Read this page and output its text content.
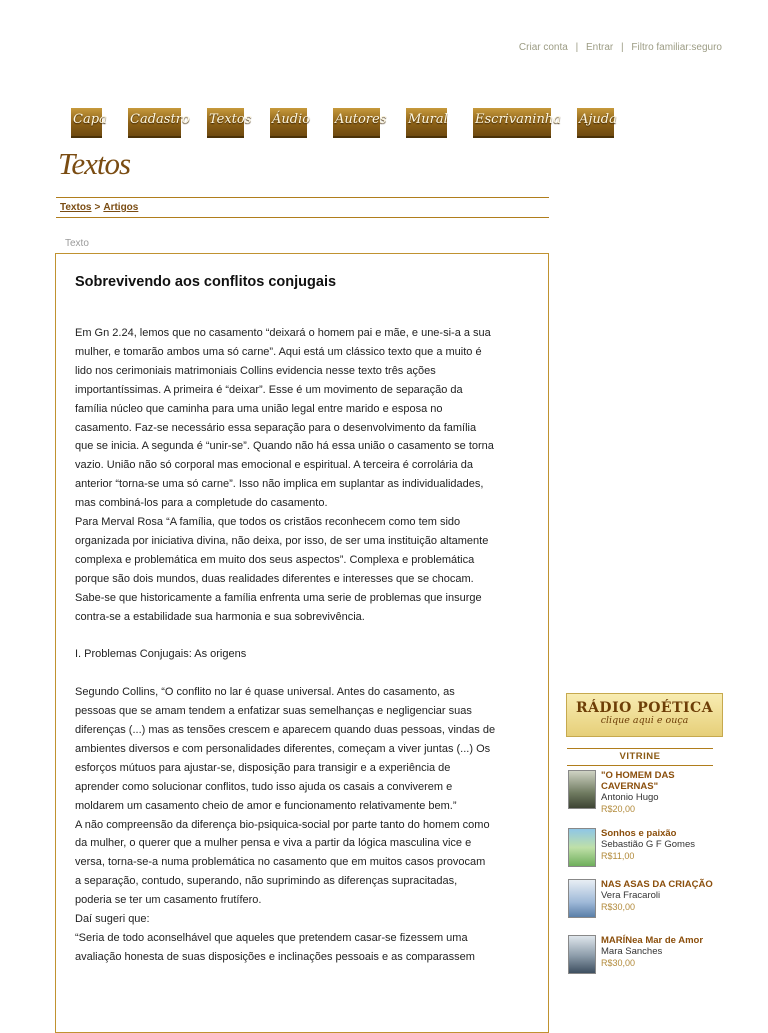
Criar conta | Entrar | Filtro familiar:seguro
Capa Cadastro Textos Áudio Autores Mural Escrivaninha Ajuda
Textos
Textos > Artigos
Texto
Sobrevivendo aos conflitos conjugais

Em Gn 2.24, lemos que no casamento “deixará o homem pai e mãe, e une-si-a a sua

mulher, e tomarão ambos uma só carne”. Aqui está um clássico texto que a muito é

lido nos cerimoniais matrimoniais Collins evidencia nesse texto três ações

importantíssimas. A primeira é “deixar”. Esse é um movimento de separação da

família núcleo que caminha para uma união legal entre marido e esposa no

casamento. Faz-se necessário essa separação para o desenvolvimento da família

que se inicia. A segunda é “unir-se”. Quando não há essa união o casamento se torna

vazio. União não só corporal mas emocional e espiritual. A terceira é corrolária da

anterior “torna-se uma só carne”. Isso não implica em suplantar as individualidades,

mas combiná-los para a completude do casamento.

Para Merval Rosa “A família, que todos os cristãos reconhecem como tem sido

organizada por iniciativa divina, não deixa, por isso, de ser uma instituição altamente

complexa e problemática em muito dos seus aspectos”. Complexa e problemática

porque são dois mundos, duas realidades diferentes e interesses que se chocam.

Sabe-se que historicamente a família enfrenta uma serie de problemas que insurge

contra-se a estabilidade sua harmonia e sua sobrevivência.

I. Problemas Conjugais: As origens

Segundo Collins, “O conflito no lar é quase universal. Antes do casamento, as

pessoas que se amam tendem a enfatizar suas semelhanças e negligenciar suas

diferenças (...) mas as tensões crescem e aparecem quando duas pessoas, vindas de

ambientes diversos e com personalidades diferentes, começam a viver juntas (...) Os

esforços mútuos para ajustar-se, disposição para transigir e a experiência de

aprender como solucionar conflitos, tudo isso ajuda os casais a conviverem e

moldarem um casamento cheio de amor e funcionamento relativamente bem.”

A não compreensão da diferença bio-psiquica-social por parte tanto do homem como

da mulher, o querer que a mulher pensa e viva a partir da lógica masculina vice e

versa, torna-se-a numa problemática no casamento que em muitos casos provocam

a separação, contudo, superando, não suprimindo as diferenças supracitadas,

poderia se ter um casamento frutífero.

Daí sugeri que:

“Seria de todo aconselhável que aqueles que pretendem casar-se fizessem uma

avaliação honesta de suas disposições e inclinações pessoais e as comparassem

RÁDIO POÉTICA
clique aqui e ouça
VITRINE
"O HOMEM DAS CAVERNAS"
Antonio Hugo
R$20,00
Sonhos e paixão
Sebastião G F Gomes
R$11,00
NAS ASAS DA CRIAÇÃO
Vera Fracaroli
R$30,00
MARÍNea Mar de Amor
Mara Sanches
R$30,00
